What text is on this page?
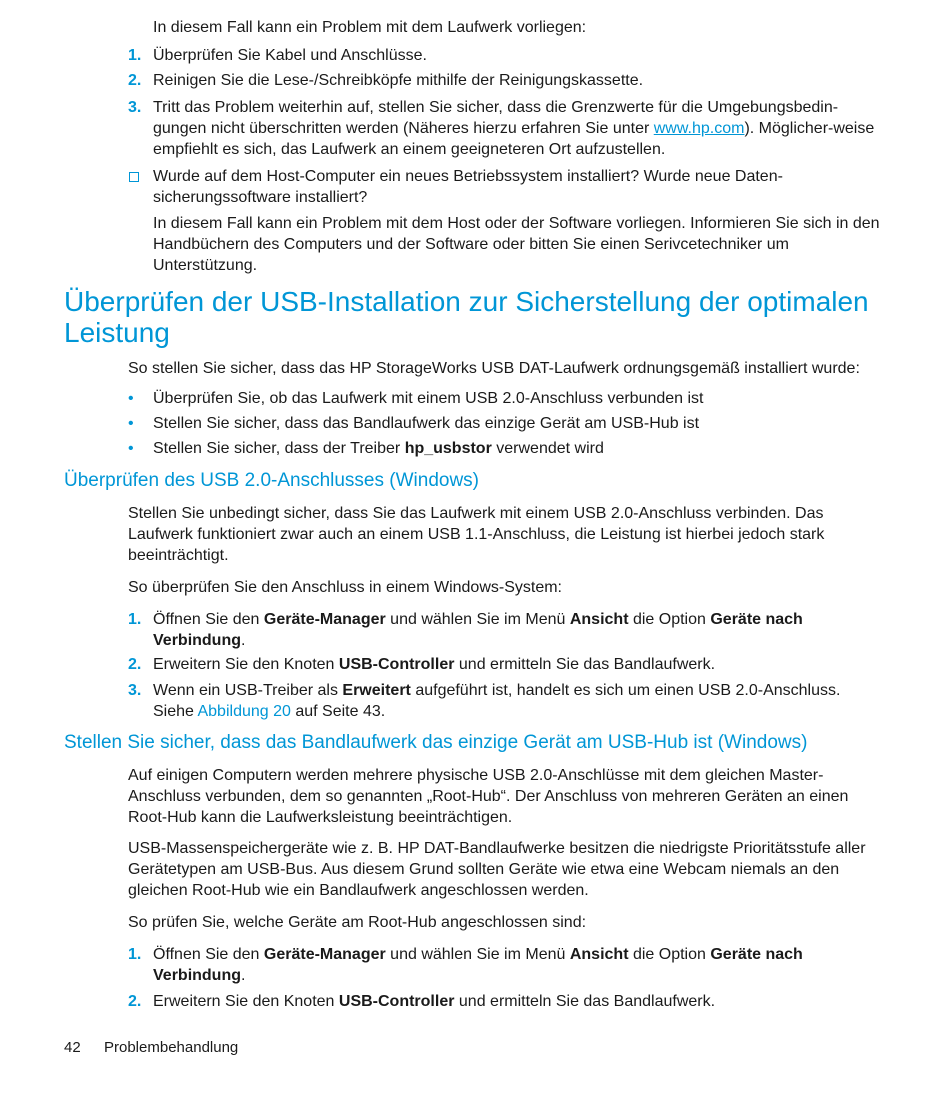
In diesem Fall kann ein Problem mit dem Laufwerk vorliegen:

1. Überprüfen Sie Kabel und Anschlüsse.

2. Reinigen Sie die Lese-/Schreibköpfe mithilfe der Reinigungskassette.

3. Tritt das Problem weiterhin auf, stellen Sie sicher, dass die Grenzwerte für die Umgebungsbedin-gungen nicht überschritten werden (Näheres hierzu erfahren Sie unter www.hp.com). Möglicher-weise empfiehlt es sich, das Laufwerk an einem geeigneteren Ort aufzustellen.

Wurde auf dem Host-Computer ein neues Betriebssystem installiert? Wurde neue Daten-sicherungssoftware installiert?

In diesem Fall kann ein Problem mit dem Host oder der Software vorliegen. Informieren Sie sich in den Handbüchern des Computers und der Software oder bitten Sie einen Serivcetechniker um Unterstützung.

Überprüfen der USB-Installation zur Sicherstellung der optimalen Leistung

So stellen Sie sicher, dass das HP StorageWorks USB DAT-Laufwerk ordnungsgemäß installiert wurde:

• Überprüfen Sie, ob das Laufwerk mit einem USB 2.0-Anschluss verbunden ist

• Stellen Sie sicher, dass das Bandlaufwerk das einzige Gerät am USB-Hub ist

• Stellen Sie sicher, dass der Treiber hp_usbstor verwendet wird

Überprüfen des USB 2.0-Anschlusses (Windows)

Stellen Sie unbedingt sicher, dass Sie das Laufwerk mit einem USB 2.0-Anschluss verbinden. Das Laufwerk funktioniert zwar auch an einem USB 1.1-Anschluss, die Leistung ist hierbei jedoch stark beeinträchtigt.

So überprüfen Sie den Anschluss in einem Windows-System:

1. Öffnen Sie den Geräte-Manager und wählen Sie im Menü Ansicht die Option Geräte nach Verbindung.

2. Erweitern Sie den Knoten USB-Controller und ermitteln Sie das Bandlaufwerk.

3. Wenn ein USB-Treiber als Erweitert aufgeführt ist, handelt es sich um einen USB 2.0-Anschluss. Siehe Abbildung 20 auf Seite 43.

Stellen Sie sicher, dass das Bandlaufwerk das einzige Gerät am USB-Hub ist (Windows)

Auf einigen Computern werden mehrere physische USB 2.0-Anschlüsse mit dem gleichen Master-Anschluss verbunden, dem so genannten „Root-Hub“. Der Anschluss von mehreren Geräten an einen Root-Hub kann die Laufwerksleistung beeinträchtigen.

USB-Massenspeichergeräte wie z. B. HP DAT-Bandlaufwerke besitzen die niedrigste Prioritätsstufe aller Gerätetypen am USB-Bus. Aus diesem Grund sollten Geräte wie etwa eine Webcam niemals an den gleichen Root-Hub wie ein Bandlaufwerk angeschlossen werden.

So prüfen Sie, welche Geräte am Root-Hub angeschlossen sind:

1. Öffnen Sie den Geräte-Manager und wählen Sie im Menü Ansicht die Option Geräte nach Verbindung.

2. Erweitern Sie den Knoten USB-Controller und ermitteln Sie das Bandlaufwerk.

42 Problembehandlung
